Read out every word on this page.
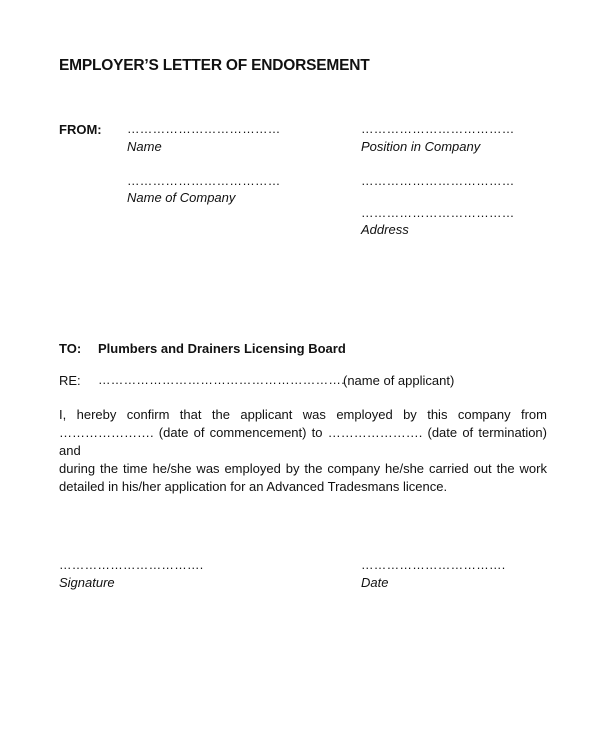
EMPLOYER’S LETTER OF ENDORSEMENT
FROM: ………………………………
Name
………………………………
Position in Company
………………………………
Name of Company
………………………………
………………………………
Address
TO: Plumbers and Drainers Licensing Board
RE: ………………………………………………….
(name of applicant)
I, hereby confirm that the applicant was employed by this company from
…………………. (date of commencement) to …………………. (date of termination) and
during the time he/she was employed by the company he/she carried out the work
detailed in his/her application for an Advanced Tradesmans licence.
…………………………….
Signature
…………………………….
Date
